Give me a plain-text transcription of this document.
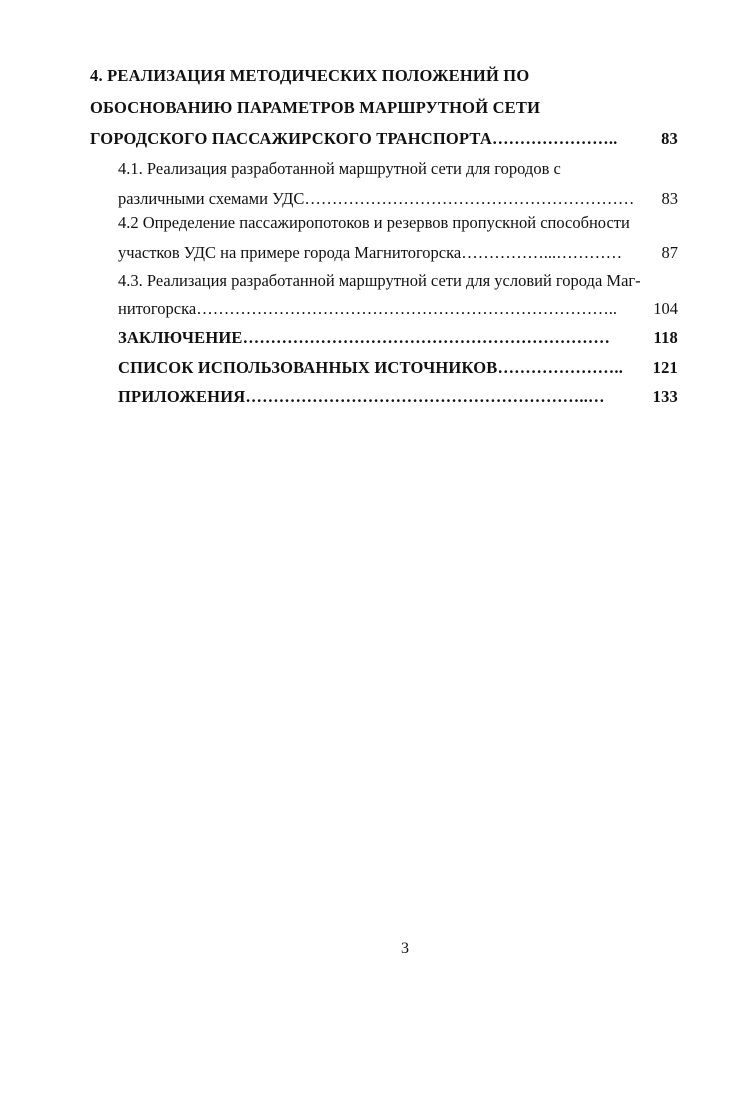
4. РЕАЛИЗАЦИЯ МЕТОДИЧЕСКИХ ПОЛОЖЕНИЙ ПО

ОБОСНОВАНИЮ ПАРАМЕТРОВ МАРШРУТНОЙ СЕТИ

ГОРОДСКОГО ПАССАЖИРСКОГО ТРАНСПОРТА …………………..	83

4.1. Реализация разработанной маршрутной сети для городов с

различными схемами УДС ……………………………………………………	83

4.2 Определение пассажиропотоков и резервов пропускной способности

участков УДС на примере города Магнитогорска ……………...…………	87

4.3. Реализация разработанной маршрутной сети для условий города Маг-

нитогорска …………………………………………………………………..	104
ЗАКЛЮЧЕНИЕ …………………………………………………………	118
СПИСОК ИСПОЛЬЗОВАННЫХ ИСТОЧНИКОВ …………………..	121
ПРИЛОЖЕНИЯ ……………………………………………………..…	133
3
